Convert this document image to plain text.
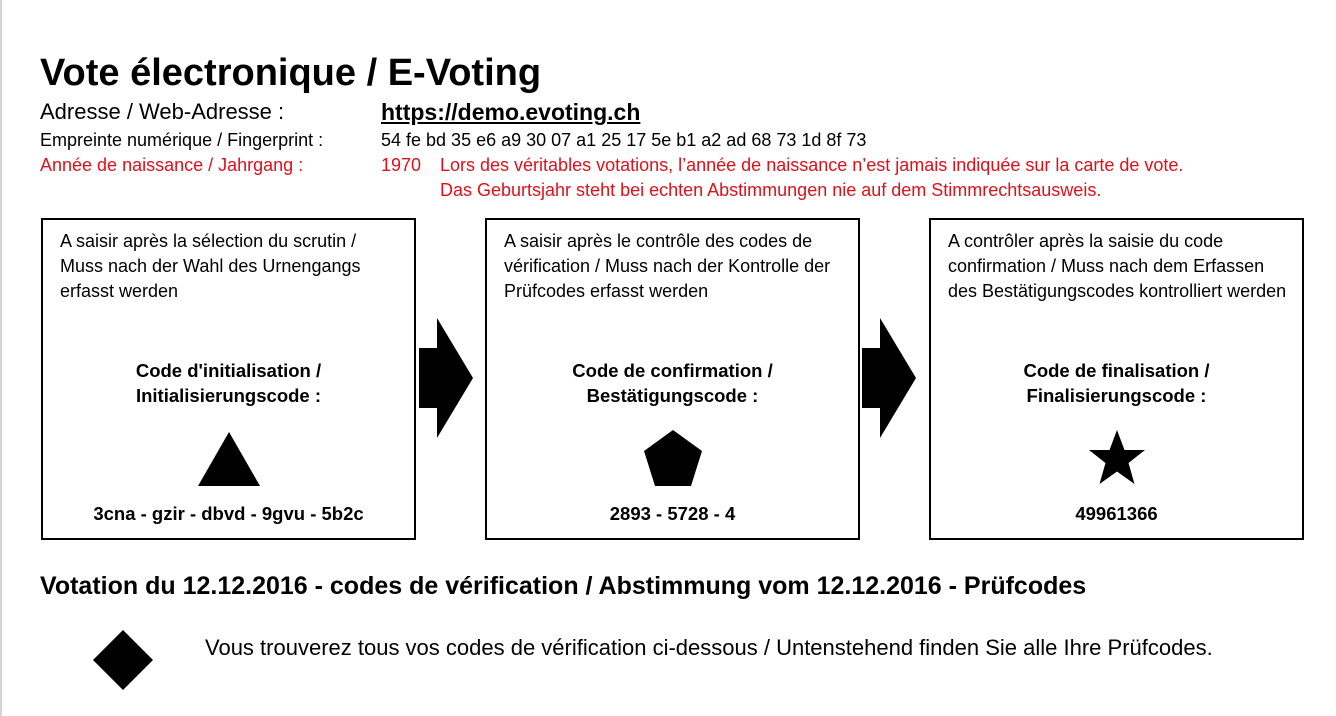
Vote électronique / E-Voting
Adresse / Web-Adresse :	https://demo.evoting.ch
Empreinte numérique / Fingerprint :	54 fe bd 35 e6 a9 30 07 a1 25 17 5e b1 a2 ad 68 73 1d 8f 73
Année de naissance / Jahrgang :	1970 Lors des véritables votations, l’année de naissance n’est jamais indiquée sur la carte de vote.
Das Geburtsjahr steht bei echten Abstimmungen nie auf dem Stimmrechtsausweis.
A saisir après la sélection du scrutin / Muss nach der Wahl des Urnengangs erfasst werden
Code d'initialisation /
Initialisierungscode :
3cna - gzir - dbvd - 9gvu - 5b2c
A saisir après le contrôle des codes de vérification / Muss nach der Kontrolle der Prüfcodes erfasst werden
Code de confirmation /
Bestätigungscode :
2893 - 5728 - 4
A contrôler après la saisie du code confirmation / Muss nach dem Erfassen des Bestätigungscodes kontrolliert werden
Code de finalisation /
Finalisierungscode :
49961366
Votation du 12.12.2016 - codes de vérification / Abstimmung vom 12.12.2016 - Prüfcodes
Vous trouverez tous vos codes de vérification ci-dessous / Untenstehend finden Sie alle Ihre Prüfcodes.
